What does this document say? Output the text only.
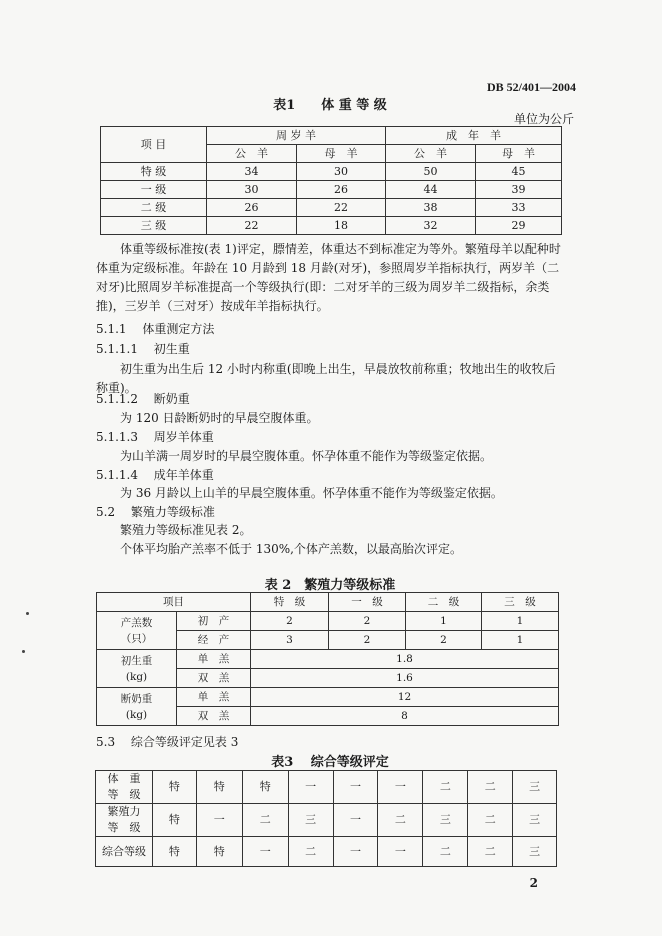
DB 52/401—2004
表1　　体 重 等 级
单位为公斤
项 目	周 岁 羊		成　年　羊	
	公　羊	母　羊	公　羊	母　羊
特 级	34	30	50	45
一 级	30	26	44	39
二 级	26	22	38	33
三 级	22	18	32	29
体重等级标准按(表 1)评定，膘情差，体重达不到标准定为等外。繁殖母羊以配种时体重为定级标准。年龄在 10 月龄到 18 月龄(对牙)，参照周岁羊指标执行，两岁羊（二对牙)比照周岁羊标准提高一个等级执行(即：二对牙羊的三级为周岁羊二级指标，余类推)，三岁羊（三对牙）按成年羊指标执行。
5.1.1　 体重测定方法
5.1.1.1　 初生重
初生重为出生后 12 小时内称重(即晚上出生，早晨放牧前称重；牧地出生的收牧后称重)。
5.1.1.2　 断奶重
为 120 日龄断奶时的早晨空腹体重。
5.1.1.3　 周岁羊体重
为山羊满一周岁时的早晨空腹体重。怀孕体重不能作为等级鉴定依据。
5.1.1.4　 成年羊体重
为 36 月龄以上山羊的早晨空腹体重。怀孕体重不能作为等级鉴定依据。
5.2　 繁殖力等级标准
繁殖力等级标准见表 2。
表 2　繁殖力等级标准
项目		特　级	一　级	二　级	三　级
产羔数
（只）	初　产	2	2	1	1
	经　产	3	2	2	1
初生重
(kg)	单　羔	1.8			
	双　羔	1.6			
断奶重
(kg)	单　羔	12			
	双　羔	8			
5.3　 综合等级评定见表 3
表3　 综合等级评定
体　重
等　级	特	特	特	一	一	一	二	二	三
繁殖力
等　级	特	一	二	三	一	二	三	二	三
综合等级	特	特	一	二	一	一	二	二	三
2
个体平均胎产羔率不低于 130%,个体产羔数，以最高胎次评定。
